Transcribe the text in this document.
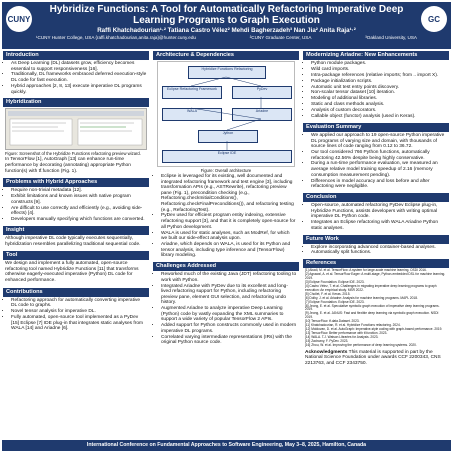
CUNY
Hybridize Functions: A Tool for Automatically Refactoring Imperative Deep Learning Programs to Graph Execution
Raffi Khatchadourian¹·² Tatiana Castro Vélez² Mehdi Bagherzadeh³ Nan Jia² Anita Raja¹·²
¹CUNY Hunter College, USA {raffi.khatchadourian,anita.raja}@hunter.cuny.edu	²CUNY Graduate Center, USA	³Oakland University, USA
GC
Introduction
• As Deep Learning (DL) datasets grow, efficiency becomes essential to support responsiveness [16].
• Traditionally, DL frameworks embraced deferred execution-style DL code for fast execution.
• Hybrid approaches [2, 8, 13] execute imperative DL programs quickly.
Hybridization
Figure: Screenshot of the Hybridize Functions refactoring preview wizard.

In TensorFlow [1], AutoGraph [13] can enhance run-time performance by decorating (annotating) appropriate Python function(s) with tf.function (Fig. 1).

Problems with Hybrid Approaches
• Require non-trivial metadata [12].
• Exhibit limitations and known issues with native program constructs [9].
• Are difficult to use correctly and efficiently (e.g., avoiding side-effects) [4].
• Developers manually specifying which functions are converted.
Insight

Although imperative DL code typically executes sequentially, hybridization resembles parallelizing traditional sequential code.

Tool

We design and implement a fully automated, open-source refactoring tool named Hybridize Functions [11] that transforms otherwise eagerly-executed imperative (Python) DL code for enhanced performance.

Contributions
• Refactoring approach for automatically converting imperative DL code to graphs.
• Novel tensor analysis for imperative DL.
• Fully automated, open-source tool implemented as a PyDev [15] Eclipse [7] IDE plug-in that integrates static analyses from WALA [14] and Ariadne [6].
Architecture & Dependencies
Hybridize Functions Refactoring
Eclipse Refactoring Framework	PyDev
WALA	Ariadne
Jython
Eclipse IDE
Figure: Overall architecture
• Eclipse is leveraged for its existing, well documented and integrated refactoring framework and test engine [3], including transformation APIs (e.g., ASTRewrite), refactoring preview pane (Fig. 1), precondition checking (e.g., Refactoring.checkInitialConditions(), Refactoring.checkFinalPreconditions()), and refactoring testing (e.g., RefactoringTest).
• PyDev used for efficient program entity indexing, extensive refactoring support [3], and that it is completely open-source for all Python development.
• WALA is used for static analyses, such as ModRef, for which we built our side-effect analysis upon.
• Ariadne, which depends on WALA, is used for its Python and tensor analysis, including type inference and (TensorFlow) library modeling.
Challenges Addressed
• Reworked much of the existing Java (JDT) refactoring tooling to work with Python.
• Integrated Ariadne with PyDev due to its excellent and long-lived refactoring support for Python, including refactoring preview pane, element GUI selection, and refactoring undo history.
• Augmented Ariadne to analyze imperative Deep Learning (Python) code by vastly expanding the XML summaries to support a wide variety of popular TensorFlow 2 APIs.
• Added support for Python constructs commonly used in modern imperative DL programs.
• Correlated varying intermediate representations (IRs) with the original Python source code.
Modernizing Ariadne: New Enhancements
• Python module packages.
• Wild card imports.
• Intra-package references (relative imports; from .. import X).
• Package initialization scripts.
• Automatic unit test entry points discovery.
• Non-scalar tensor dataset [10] iteration.
• Modeling of additional libraries.
• Static and class methods analysis.
• Analysis of custom decorators.
• Callable object (functor) analysis (used in Keras).
Evaluation Summary
• We applied our approach to 19 open-source Python imperative DL programs of varying size and domain, with thousands of source lines of code ranging from 0.12 to 36.72.
• Our tool considered 766 Python functions, automatically refactoring 42.56% despite being highly conservative.
• During a run-time performance evaluation, we measured an average relative model training speedup of 2.16 (memory consumption measurement pending).
• Differences in model accuracy and loss before and after refactoring were negligible.
Conclusion
• Open-source, automated refactoring PyDev Eclipse plug-in, Hybridize Functions, assists developers with writing optimal imperative DL Python code.
• Integrates an Eclipse refactoring with WALA Ariadne Python static analyses.
Future Work
• Explore incorporating advanced container-based analyses.
• Automatically split functions.
References
[1] Abadi, M. et al. TensorFlow: A system for large-scale machine learning. OSDI 2016.
[2] Agrawal, A. et al. TensorFlow Eager: A multi-stage, Python-embedded DSL for machine learning. 2019.
[3] Eclipse Foundation. Eclipse IDE. 2023.
[4] Castro Vélez, T. et al. Challenges in migrating imperative deep learning programs to graph execution: An empirical study. MSR 2022.
[5] Chollet, F. et al. Keras. 2015.
[6] Dolby, J. et al. Ariadne: Analysis for machine learning programs. MAPL 2018.
[7] Eclipse Foundation. Eclipse IDE. 2023.
[8] Jeong, E. et al. Speculative symbolic graph execution of imperative deep learning programs. 2019.
[9] Jeong, E. et al. JANUS: Fast and flexible deep learning via symbolic graph execution. NSDI 2019.
[10] TensorFlow. tf.data.Dataset. 2023.
[11] Khatchadourian, R. et al. Hybridize Functions refactoring. 2024.
[12] Moldovan, D. et al. AutoGraph: Imperative-style coding with graph-based performance. 2019.
[13] TensorFlow. Better performance with tf.function. 2023.
[14] WALA. T.J. Watson Libraries for Analysis. 2023.
[15] Zadrozny, F. PyDev. 2023.
[16] Zhou, W. et al. Improving the performance of deep learning systems. 2020.
Acknowledgments This material is supported in part by the National Science Foundation under awards CCF 2200343, CNS 2213763, and CCF 2343750.
International Conference on Fundamental Approaches to Software Engineering, May 3–8, 2025, Hamilton, Canada
